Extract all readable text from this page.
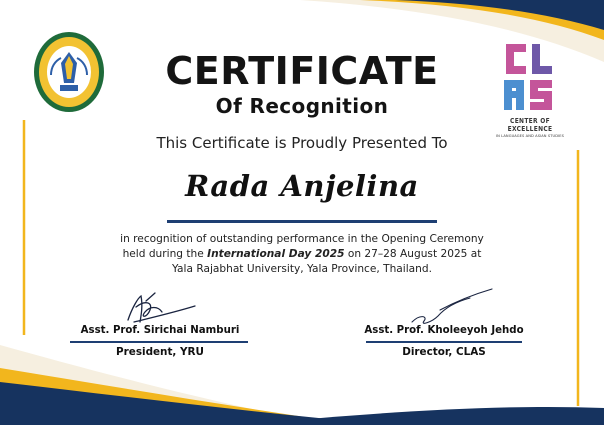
CENTER OF EXCELLENCE
IN LANGUAGES AND ASIAN STUDIES
CERTIFICATE
Of Recognition
This Certificate is Proudly Presented To
Rada Anjelina
in recognition of outstanding performance in the Opening Ceremony
held during the International Day 2025 on 27–28 August 2025 at
Yala Rajabhat University, Yala Province, Thailand.
Asst. Prof. Sirichai Namburi
President, YRU
Asst. Prof. Kholeeyoh Jehdo
Director, CLAS
